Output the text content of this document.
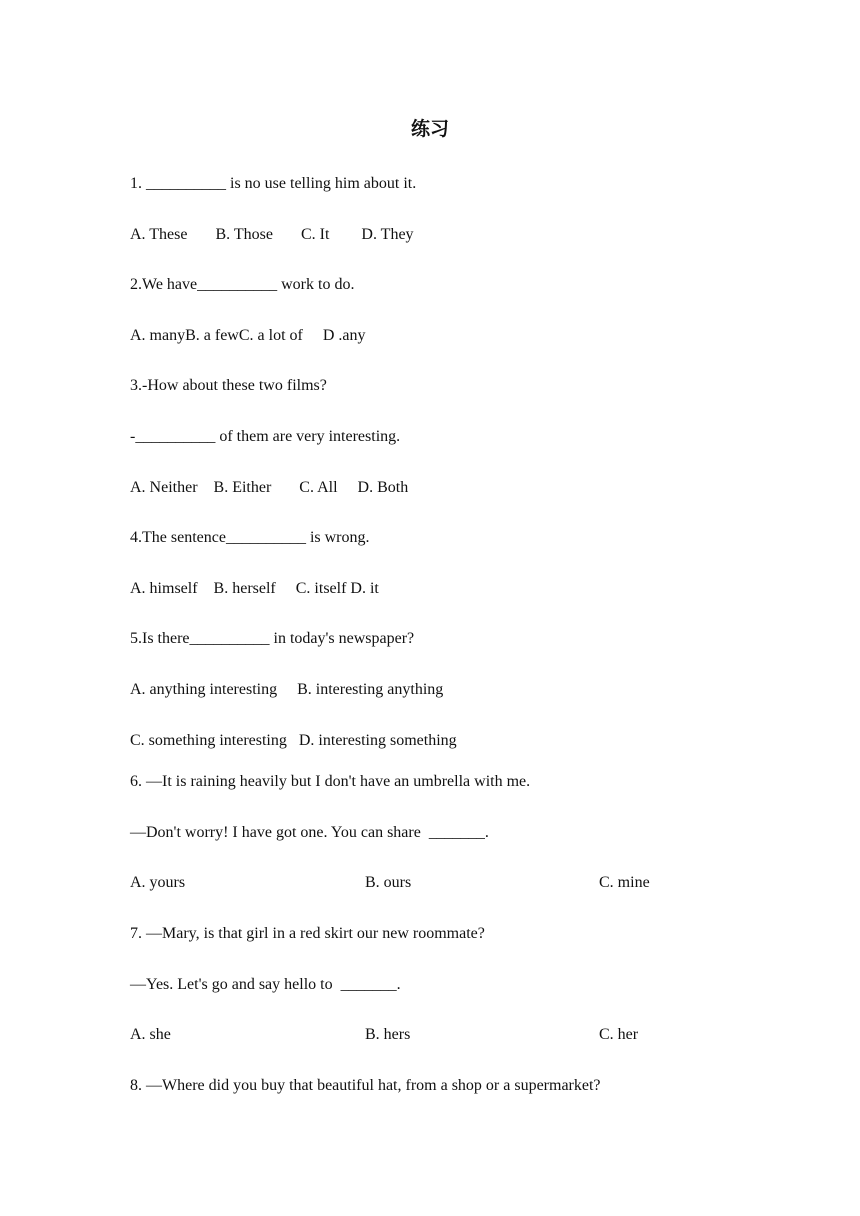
练习
1. __________ is no use telling him about it.
A. These       B. Those       C. It        D. They
2.We have__________ work to do.
A. manyB. a fewC. a lot of     D .any
3.-How about these two films?
-__________ of them are very interesting.
A. Neither    B. Either       C. All     D. Both
4.The sentence__________ is wrong.
A. himself    B. herself     C. itself D. it
5.Is there__________ in today's newspaper?
A. anything interesting     B. interesting anything
C. something interesting   D. interesting something
6. —It is raining heavily but I don't have an umbrella with me.
—Don't worry! I have got one. You can share  _______.
A. yours	B. ours	C. mine
7. —Mary, is that girl in a red skirt our new roommate?
—Yes. Let's go and say hello to  _______.
A. she	B. hers	C. her
8. —Where did you buy that beautiful hat, from a shop or a supermarket?
